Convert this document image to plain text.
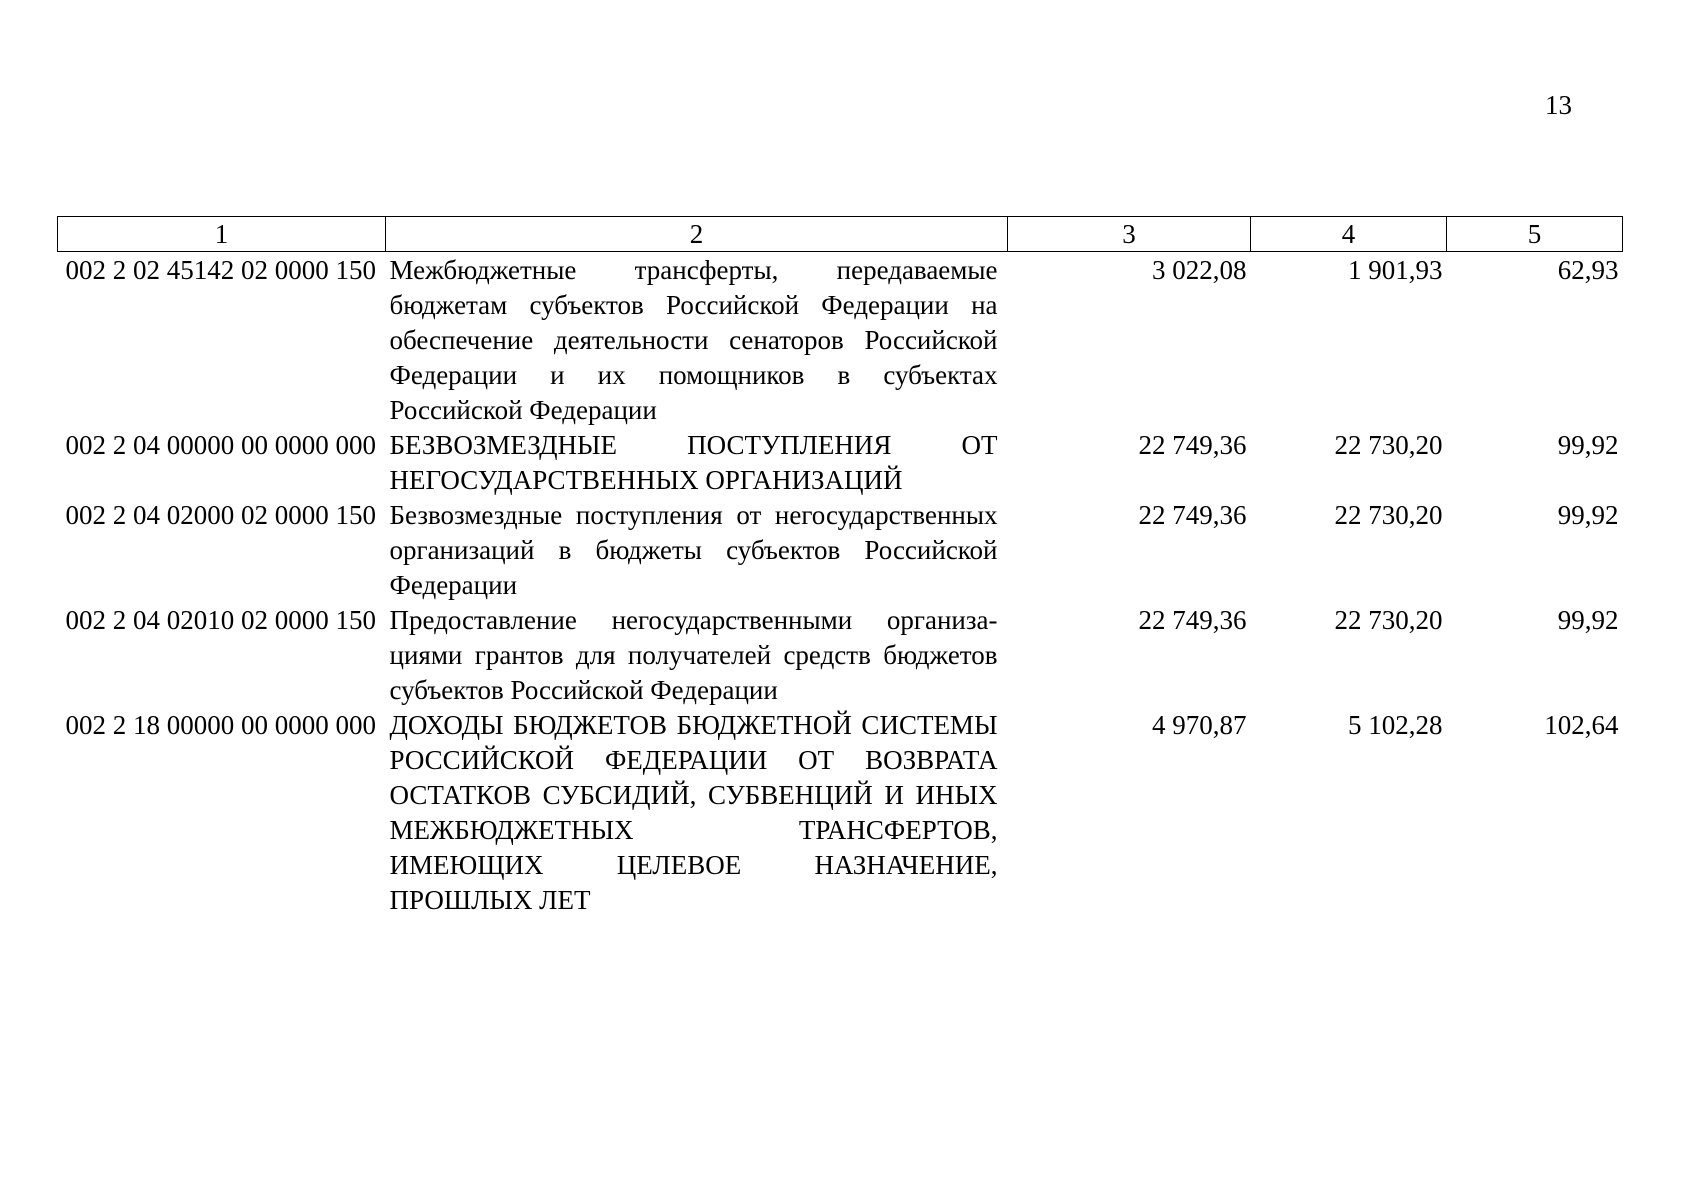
13
1	2	3	4	5
002 2 02 45142 02 0000 150	Межбюджетные трансферты, передаваемые бюджетам субъектов Российской Федерации на обеспечение деятельности сенаторов Российской Федерации и их помощников в субъектах Российской Федерации	3 022,08	1 901,93	62,93
002 2 04 00000 00 0000 000	БЕЗВОЗМЕЗДНЫЕ ПОСТУПЛЕНИЯ ОТ НЕГОСУДАРСТВЕННЫХ ОРГАНИЗАЦИЙ	22 749,36	22 730,20	99,92
002 2 04 02000 02 0000 150	Безвозмездные поступления от негосударственных организаций в бюджеты субъектов Российской Федерации	22 749,36	22 730,20	99,92
002 2 04 02010 02 0000 150	Предоставление негосударственными организациями грантов для получателей средств бюджетов субъектов Российской Федерации	22 749,36	22 730,20	99,92
002 2 18 00000 00 0000 000	ДОХОДЫ БЮДЖЕТОВ БЮДЖЕТНОЙ СИСТЕМЫ РОССИЙСКОЙ ФЕДЕРАЦИИ ОТ ВОЗВРАТА ОСТАТКОВ СУБСИДИЙ, СУБВЕНЦИЙ И ИНЫХ МЕЖБЮДЖЕТНЫХ ТРАНСФЕРТОВ, ИМЕЮЩИХ ЦЕЛЕВОЕ НАЗНАЧЕНИЕ, ПРОШЛЫХ ЛЕТ	4 970,87	5 102,28	102,64
